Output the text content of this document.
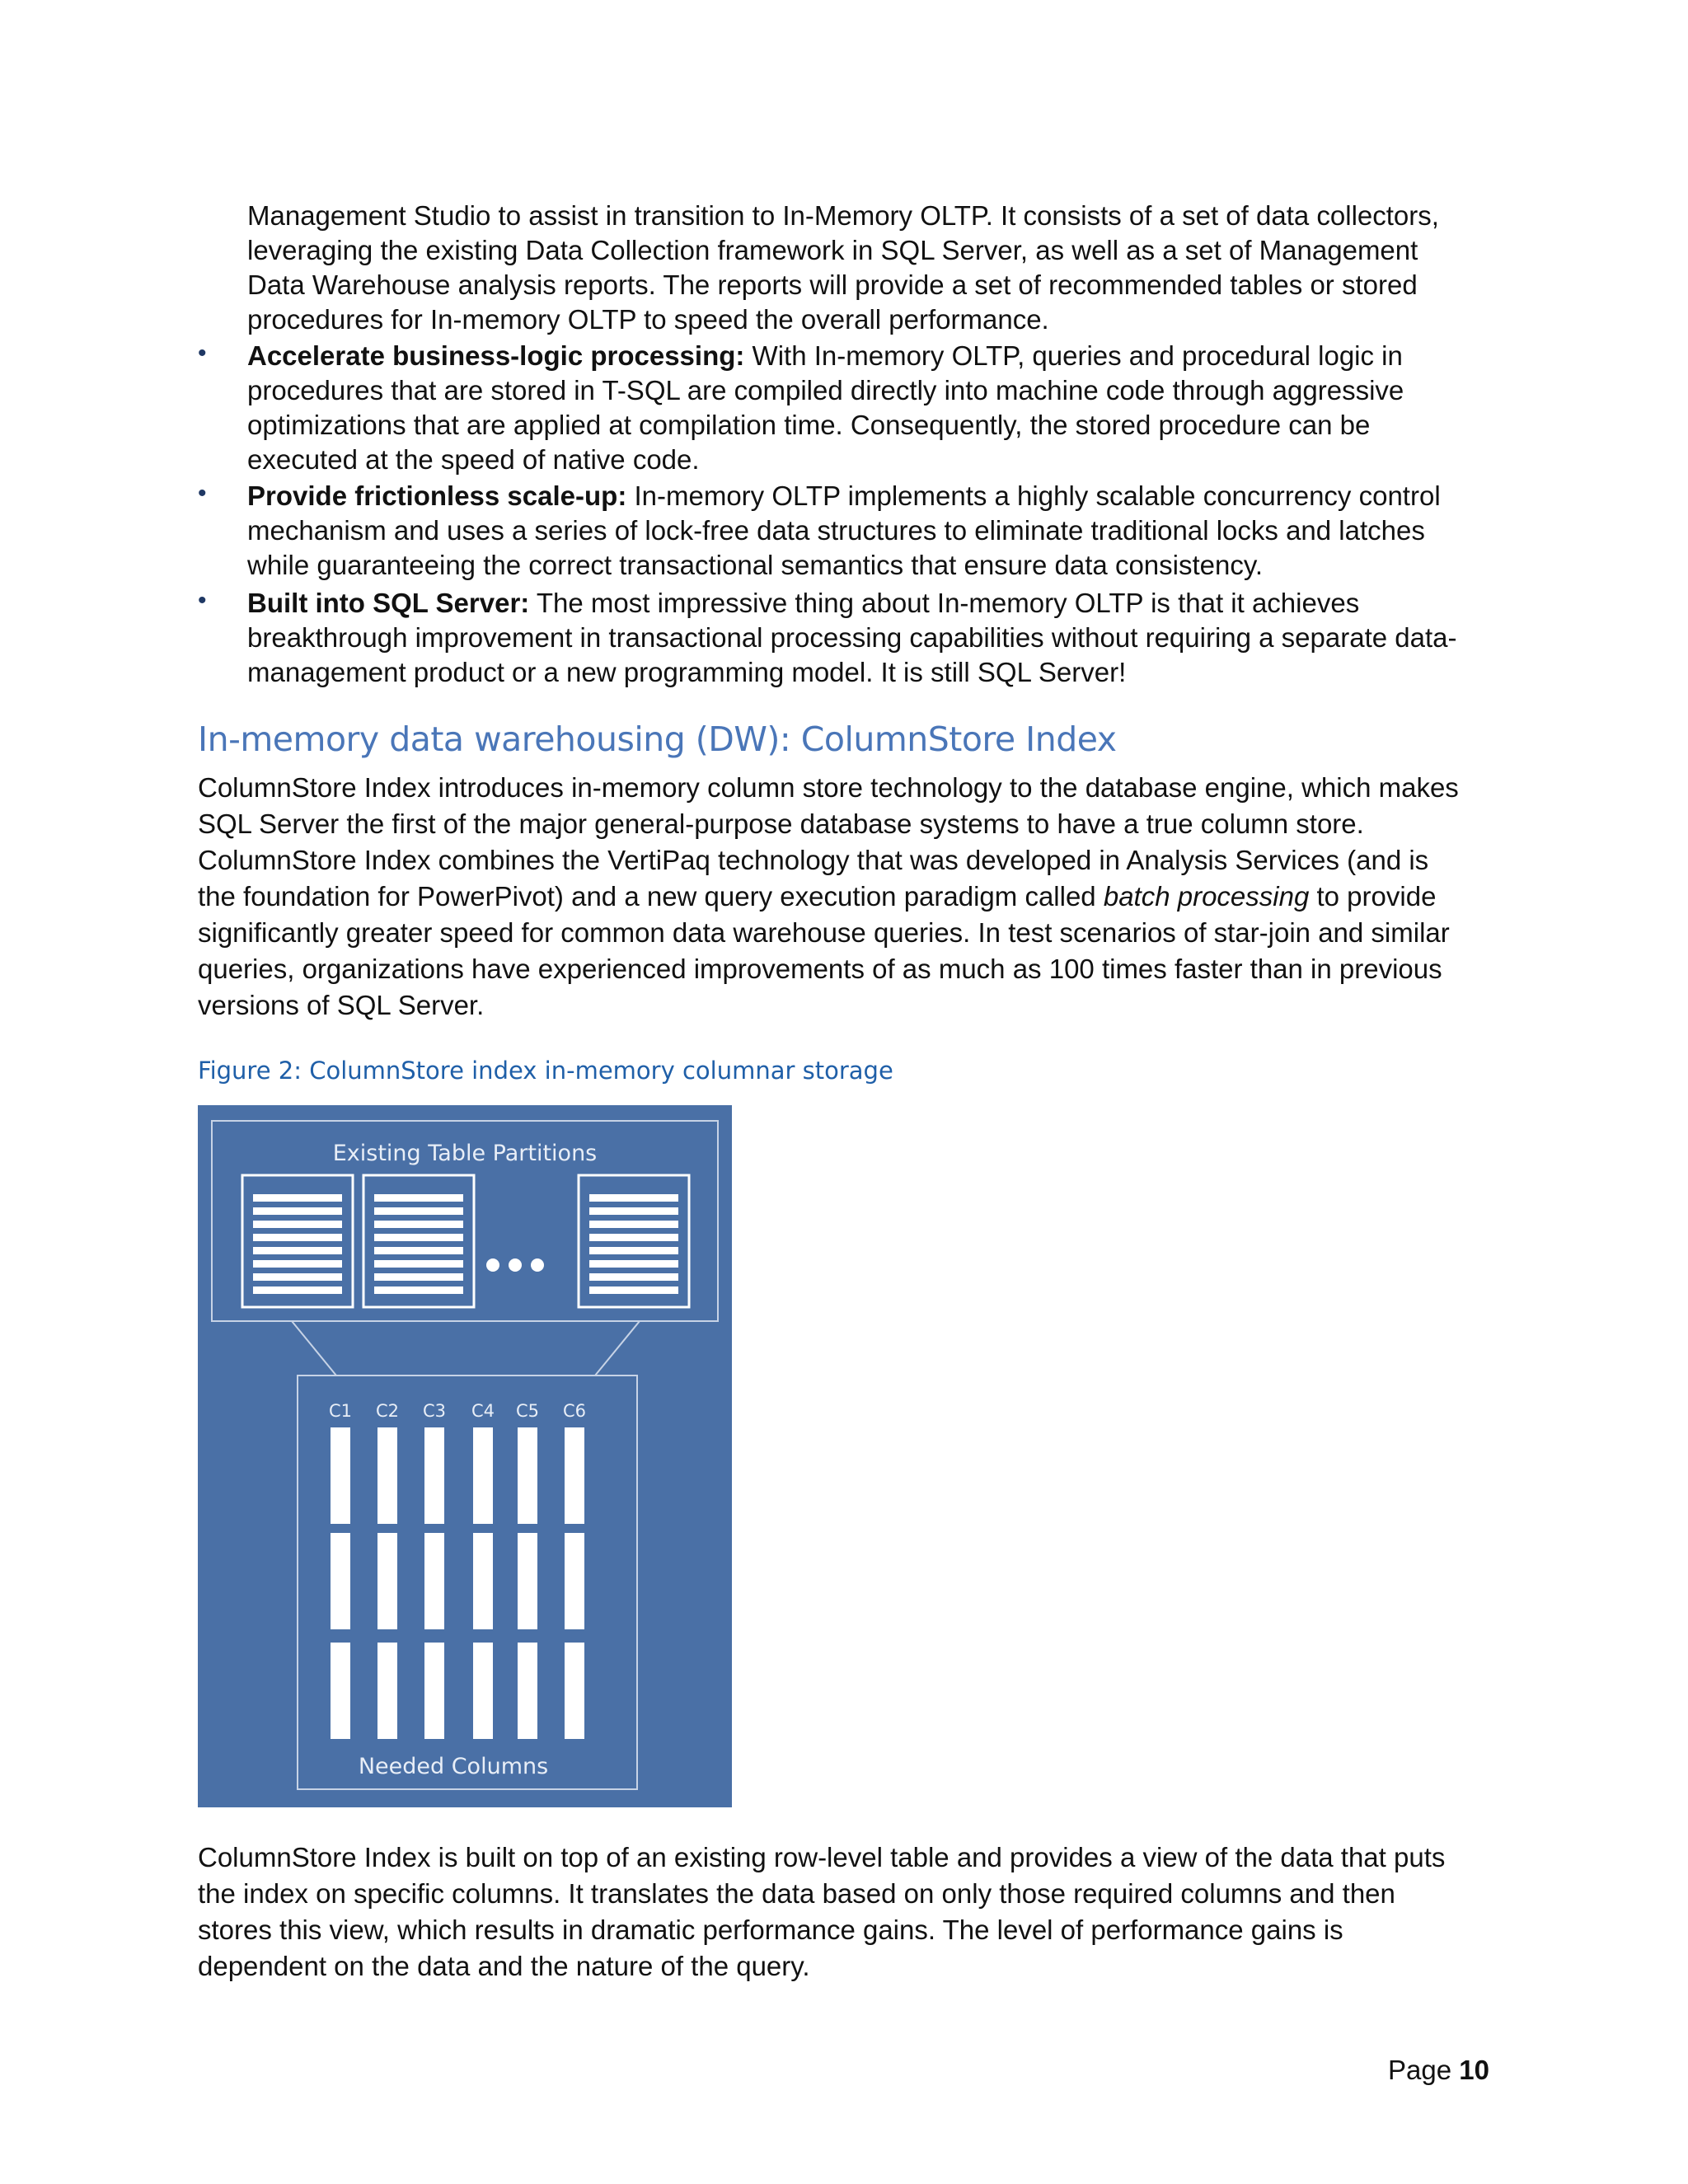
Management Studio to assist in transition to In-Memory OLTP. It consists of a set of data collectors,

leveraging the existing Data Collection framework in SQL Server, as well as a set of Management

Data Warehouse analysis reports. The reports will provide a set of recommended tables or stored

procedures for In-memory OLTP to speed the overall performance.

• Accelerate business-logic processing: With In-memory OLTP, queries and procedural logic in

procedures that are stored in T-SQL are compiled directly into machine code through aggressive

optimizations that are applied at compilation time. Consequently, the stored procedure can be

executed at the speed of native code.

• Provide frictionless scale-up: In-memory OLTP implements a highly scalable concurrency control

mechanism and uses a series of lock-free data structures to eliminate traditional locks and latches

while guaranteeing the correct transactional semantics that ensure data consistency.

• Built into SQL Server: The most impressive thing about In-memory OLTP is that it achieves

breakthrough improvement in transactional processing capabilities without requiring a separate data-

management product or a new programming model. It is still SQL Server!

In-memory data warehousing (DW): ColumnStore Index

ColumnStore Index introduces in-memory column store technology to the database engine, which makes

SQL Server the first of the major general-purpose database systems to have a true column store.

ColumnStore Index combines the VertiPaq technology that was developed in Analysis Services (and is

the foundation for PowerPivot) and a new query execution paradigm called batch processing to provide

significantly greater speed for common data warehouse queries. In test scenarios of star-join and similar

queries, organizations have experienced improvements of as much as 100 times faster than in previous

versions of SQL Server.

Figure 2: ColumnStore index in-memory columnar storage
Existing Table Partitions
C1 C2 C3 C4 C5 C6
Needed Columns

ColumnStore Index is built on top of an existing row-level table and provides a view of the data that puts

the index on specific columns. It translates the data based on only those required columns and then

stores this view, which results in dramatic performance gains. The level of performance gains is

dependent on the data and the nature of the query.

Page 10
